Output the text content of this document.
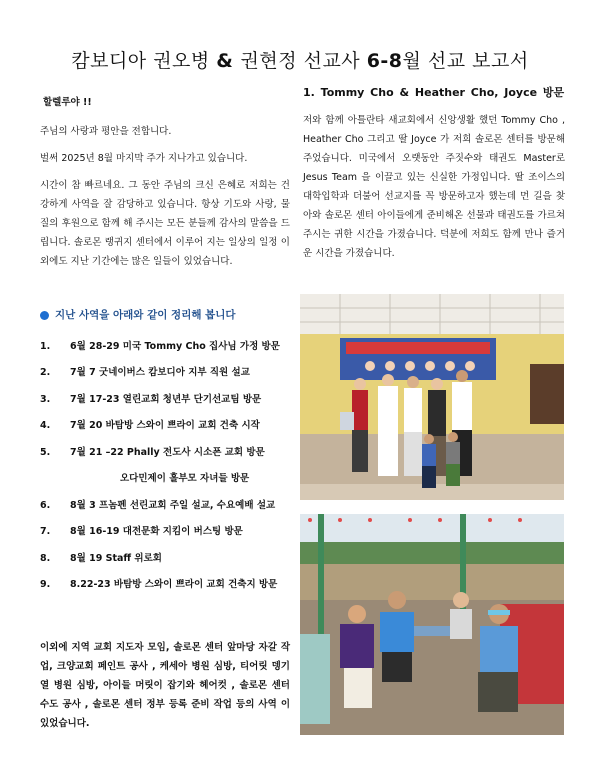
캄보디아 권오병 & 권현정 선교사 6-8월 선교 보고서

할렐루야 !!

주님의 사랑과 평안을 전합니다.

벌써 2025년 8월 마지막 주가 지나가고 있습니다.

시간이 참 빠르네요. 그 동안 주님의 크신 은혜로 저희는 건강하게 사역을 잘 감당하고 있습니다. 항상 기도와 사랑, 물질의 후원으로 함께 해 주시는 모든 분들께 감사의 말씀을 드립니다. 솔로몬 랭귀지 센터에서 이루어 지는 일상의 일정 이외에도 지난 기간에는 많은 일들이 있었습니다.

지난 사역을 아래와 같이 정리해 봅니다
1.	6월 28-29 미국 Tommy Cho 집사님 가정 방문
2.	7월 7 굿네이버스 캄보디아 지부 직원 설교
3.	7월 17-23 열린교회 청년부 단기선교팀 방문
4.	7월 20 바탐방 스와이 쁘라이 교회 건축 시작
5.	7월 21 –22 Phally 전도사 시소폰 교회 방문
오다민제이 홀부모 자녀들 방문
6.	8월 3 프놈펜 선린교회 주일 설교, 수요예배 설교
7.	8월 16-19 대전문화 지킴이 버스팅 방문
8.	8월 19 Staff 위로회
9.	8.22-23 바탐방 스와이 쁘라이 교회 건축지 방문

이외에 지역 교회 지도자 모임, 솔로몬 센터 앞마당 자갈 작업, 크양교회 페인트 공사 , 케세아 병원 심방, 티어릿 뎅기열 병원 심방, 아이들 머릿이 잡기와 헤어컷 , 솔로몬 센터 수도 공사 , 솔로몬 센터 정부 등록 준비 작업 등의 사역 이 있었습니다.

1. Tommy Cho & Heather Cho, Joyce 방문

저와 함께 아틀란타 새교회에서 신앙생활 했던 Tommy Cho , Heather Cho 그리고 딸 Joyce 가 저희 솔로몬 센터를 방문해 주었습니다. 미국에서 오랫동안 주짓수와 태권도 Master로 Jesus Team 을 이끌고 있는 신실한 가정입니다. 딸 조이스의 대학입학과 더불어 선교지를 꼭 방문하고자 했는데 먼 길을 찾아와 솔로몬 센터 아이들에게 준비해온 선물과 태권도를 가르쳐 주시는 귀한 시간을 가졌습니다. 덕분에 저희도 함께 만나 즐거운 시간을 가졌습니다.
